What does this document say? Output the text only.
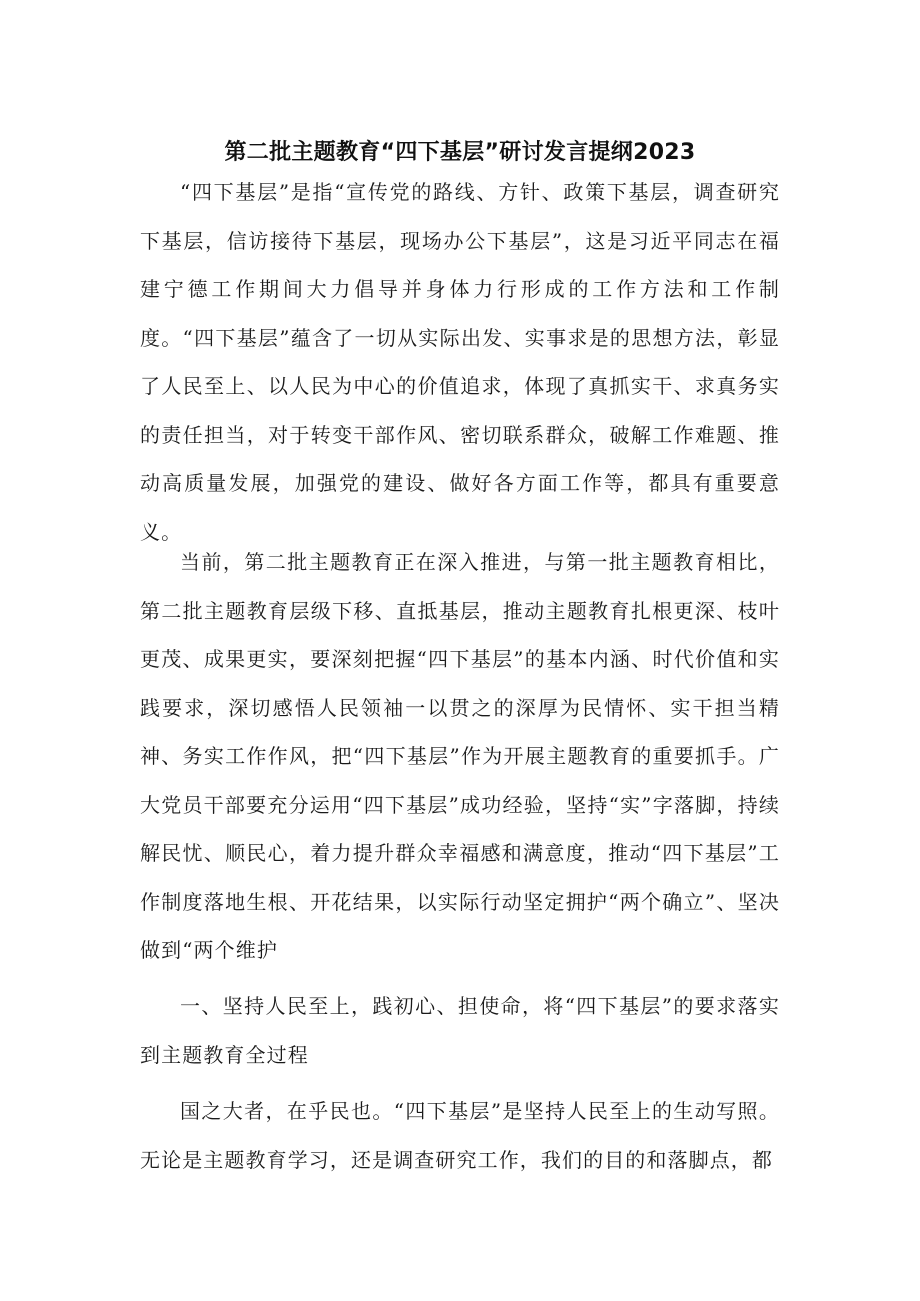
第二批主题教育“四下基层”研讨发言提纲2023
“四下基层”是指“宣传党的路线、方针、政策下基层，调查研究下基层，信访接待下基层，现场办公下基层”，这是习近平同志在福建宁德工作期间大力倡导并身体力行形成的工作方法和工作制度。“四下基层”蕴含了一切从实际出发、实事求是的思想方法，彰显了人民至上、以人民为中心的价值追求，体现了真抓实干、求真务实的责任担当，对于转变干部作风、密切联系群众，破解工作难题、推动高质量发展，加强党的建设、做好各方面工作等，都具有重要意义。
当前，第二批主题教育正在深入推进，与第一批主题教育相比，第二批主题教育层级下移、直抵基层，推动主题教育扎根更深、枝叶更茂、成果更实，要深刻把握“四下基层”的基本内涵、时代价值和实践要求，深切感悟人民领袖一以贯之的深厚为民情怀、实干担当精神、务实工作作风，把“四下基层”作为开展主题教育的重要抓手。广大党员干部要充分运用“四下基层”成功经验，坚持“实”字落脚，持续解民忧、顺民心，着力提升群众幸福感和满意度，推动“四下基层”工作制度落地生根、开花结果，以实际行动坚定拥护“两个确立”、坚决做到“两个维护
一、坚持人民至上，践初心、担使命，将“四下基层”的要求落实到主题教育全过程
国之大者，在乎民也。“四下基层”是坚持人民至上的生动写照。无论是主题教育学习，还是调查研究工作，我们的目的和落脚点，都
